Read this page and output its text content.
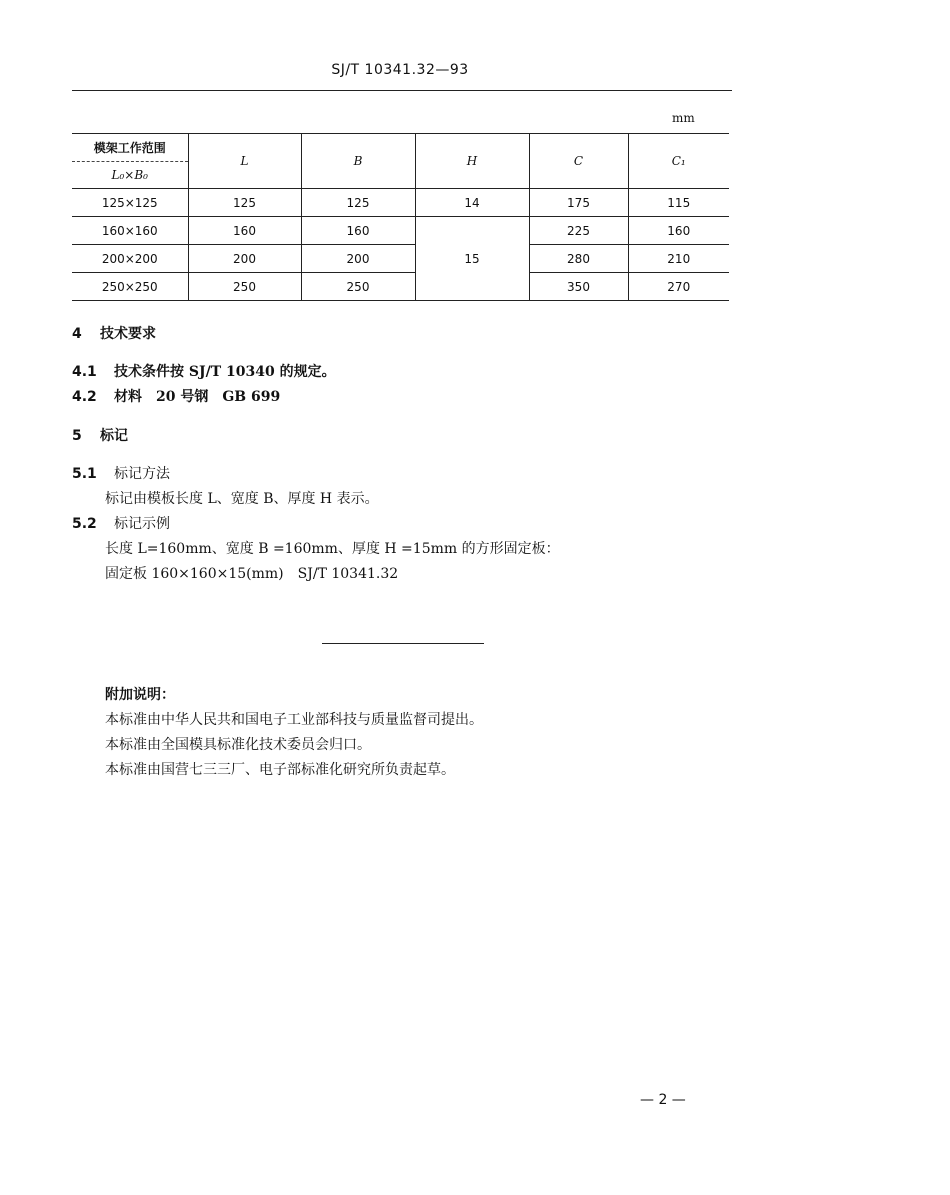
SJ/T 10341.32—93
mm
模架工作范围	L	B	H	C	C₁
L₀×B₀					
125×125	125	125	14	175	115
160×160	160	160	15	225	160
200×200	200	200		280	210
250×250	250	250		350	270
4 技术要求
4.1 技术条件按 SJ/T 10340 的规定。
4.2 材料　20 号钢　GB 699
5 标记
5.1 标记方法
标记由模板长度 L、宽度 B、厚度 H 表示。
5.2 标记示例
长度 L=160mm、宽度 B =160mm、厚度 H =15mm 的方形固定板：
固定板 160×160×15(mm)　SJ/T 10341.32
附加说明：
本标准由中华人民共和国电子工业部科技与质量监督司提出。
本标准由全国模具标准化技术委员会归口。
本标准由国营七三三厂、电子部标准化研究所负责起草。
— 2 —
